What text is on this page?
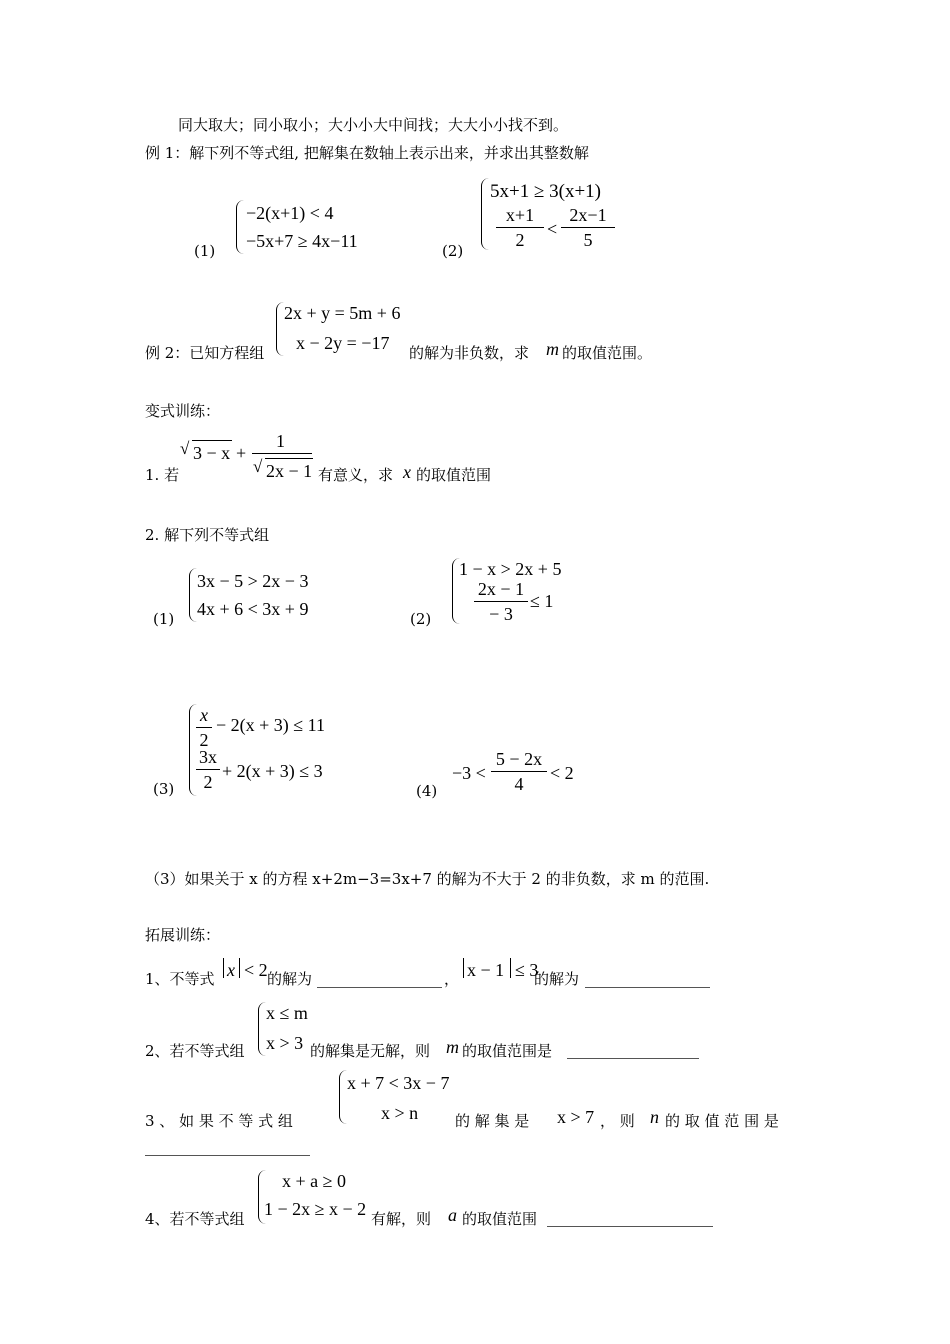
同大取大；同小取小；大小小大中间找；大大小小找不到。
例 1：解下列不等式组, 把解集在数轴上表示出来，并求出其整数解
(1)
−2(x+1) < 4
−5x+7 ≥ 4x−11	(2)
5x+1 ≥ 3(x+1)
$\frac{x+1}{2} < \frac{2x-1}{5}$
2x + y = 5m + 6
x − 2y = −17
例 2：已知方程组	的解为非负数，求 m 的取值范围。
变式训练：
√ 3 − x +
1
√ 2x − 1
1. 若	有意义，求 x 的取值范围
2. 解下列不等式组
(1)
3x − 5 > 2x − 3
4x + 6 < 3x + 9	(2)
1 − x > 2x + 5
$\frac{2x - 1}{- 3} \le 1$
(3)
$\frac{x}{2} - 2(x + 3) \le 11$
$\frac{3x}{2} + 2(x + 3) \le 3$
(4)
$-3 < \frac{5 - 2x}{4} < 2$
（3）如果关于 x 的方程 x+2m−3=3x+7 的解为不大于 2 的非负数，求 m 的范围.
拓展训练：
1、不等式 x < 2 的解为	， x − 1 ≤ 3
的解为
x ≤ m
x > 3
2、若不等式组	的解集是无解，则 m 的取值范围是
x + 7 < 3x − 7
x > n
3 、 如 果 不 等 式 组	的 解 集 是 x > 7 ， 则 n 的 取 值 范 围 是
x + a ≥ 0
1 − 2x ≥ x − 2
4、若不等式组	有解，则 a 的取值范围
